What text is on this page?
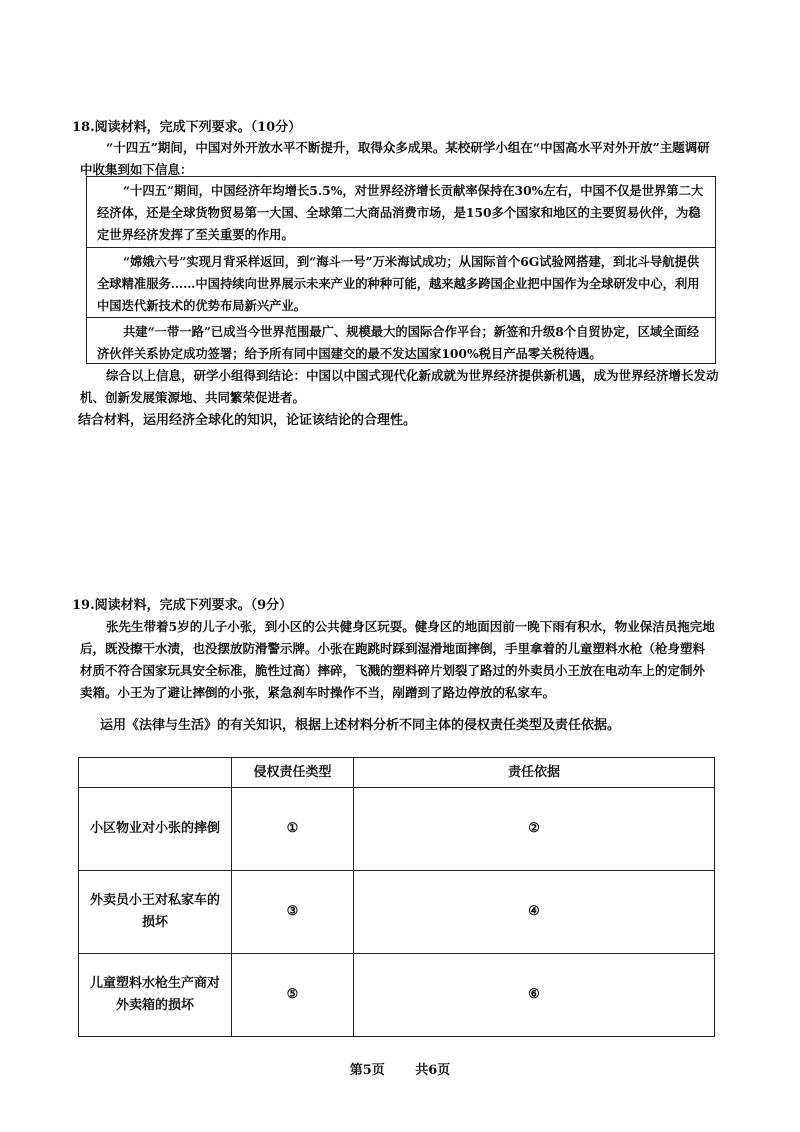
18.阅读材料，完成下列要求。（10分）
“十四五”期间，中国对外开放水平不断提升，取得众多成果。某校研学小组在“中国高水平对外开放”主题调研中收集到如下信息：
“十四五”期间，中国经济年均增长5.5%，对世界经济增长贡献率保持在30%左右，中国不仅是世界第二大经济体，还是全球货物贸易第一大国、全球第二大商品消费市场，是150多个国家和地区的主要贸易伙伴，为稳定世界经济发挥了至关重要的作用。
“嫦娥六号”实现月背采样返回，到“海斗一号”万米海试成功；从国际首个6G试验网搭建，到北斗导航提供全球精准服务……中国持续向世界展示未来产业的种种可能，越来越多跨国企业把中国作为全球研发中心，利用中国迭代新技术的优势布局新兴产业。
共建“一带一路”已成当今世界范围最广、规模最大的国际合作平台；新签和升级8个自贸协定，区域全面经济伙伴关系协定成功签署；给予所有同中国建交的最不发达国家100%税目产品零关税待遇。
综合以上信息，研学小组得到结论：中国以中国式现代化新成就为世界经济提供新机遇，成为世界经济增长发动机、创新发展策源地、共同繁荣促进者。
结合材料，运用经济全球化的知识，论证该结论的合理性。
19.阅读材料，完成下列要求。（9分）
张先生带着5岁的儿子小张，到小区的公共健身区玩耍。健身区的地面因前一晚下雨有积水，物业保洁员拖完地后，既没擦干水渍，也没摆放防滑警示牌。小张在跑跳时踩到湿滑地面摔倒，手里拿着的儿童塑料水枪（枪身塑料材质不符合国家玩具安全标准，脆性过高）摔碎，飞溅的塑料碎片划裂了路过的外卖员小王放在电动车上的定制外卖箱。小王为了避让摔倒的小张，紧急刹车时操作不当，剐蹭到了路边停放的私家车。
运用《法律与生活》的有关知识，根据上述材料分析不同主体的侵权责任类型及责任依据。
	侵权责任类型	责任依据
小区物业对小张的摔倒	①	②
外卖员小王对私家车的损坏	③	④
儿童塑料水枪生产商对外卖箱的损坏	⑤	⑥
第5页 共6页
